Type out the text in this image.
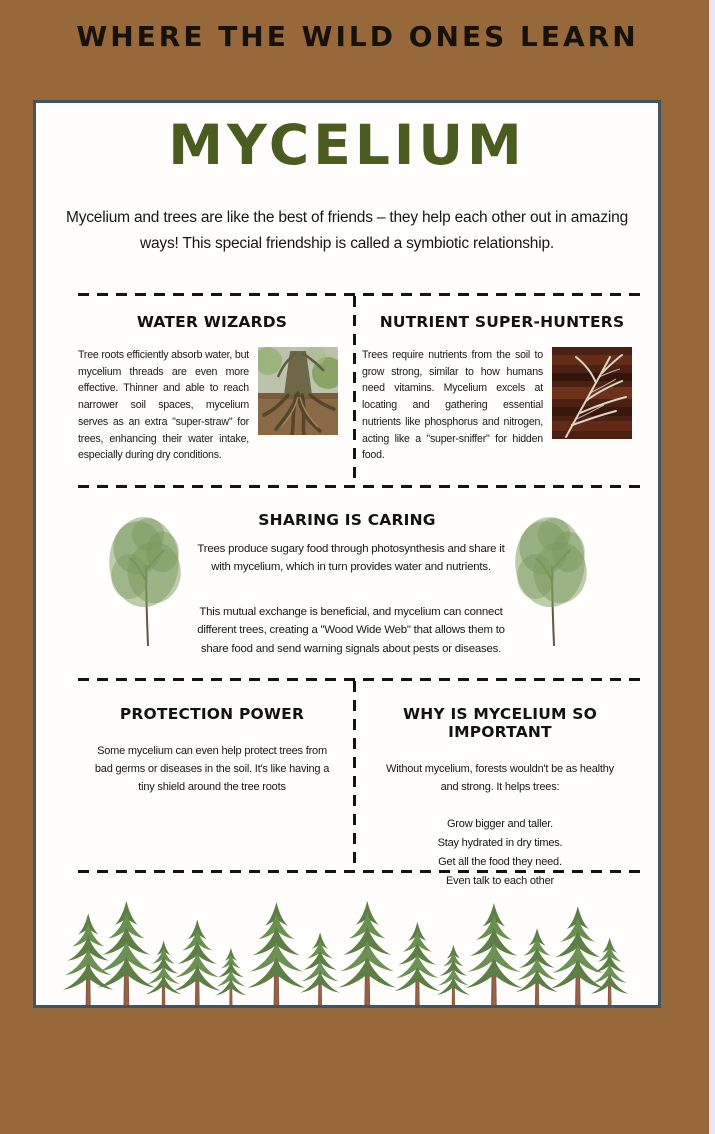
WHERE THE WILD ONES LEARN
MYCELIUM

Mycelium and trees are like the best of friends – they help each other out in amazing ways! This special friendship is called a symbiotic relationship.

WATER WIZARDS

Tree roots efficiently absorb water, but mycelium threads are even more effective. Thinner and able to reach narrower soil spaces, mycelium serves as an extra "super-straw" for trees, enhancing their water intake, especially during dry conditions.

NUTRIENT SUPER-HUNTERS

Trees require nutrients from the soil to grow strong, similar to how humans need vitamins. Mycelium excels at locating and gathering essential nutrients like phosphorus and nitrogen, acting like a "super-sniffer" for hidden food.

SHARING IS CARING

Trees produce sugary food through photosynthesis and share it with mycelium, which in turn provides water and nutrients.

This mutual exchange is beneficial, and mycelium can connect different trees, creating a "Wood Wide Web" that allows them to share food and send warning signals about pests or diseases.

PROTECTION POWER

Some mycelium can even help protect trees from bad germs or diseases in the soil. It's like having a tiny shield around the tree roots

WHY IS MYCELIUM SO IMPORTANT

Without mycelium, forests wouldn't be as healthy and strong. It helps trees:

Grow bigger and taller.
Stay hydrated in dry times.
Get all the food they need.
Even talk to each other
